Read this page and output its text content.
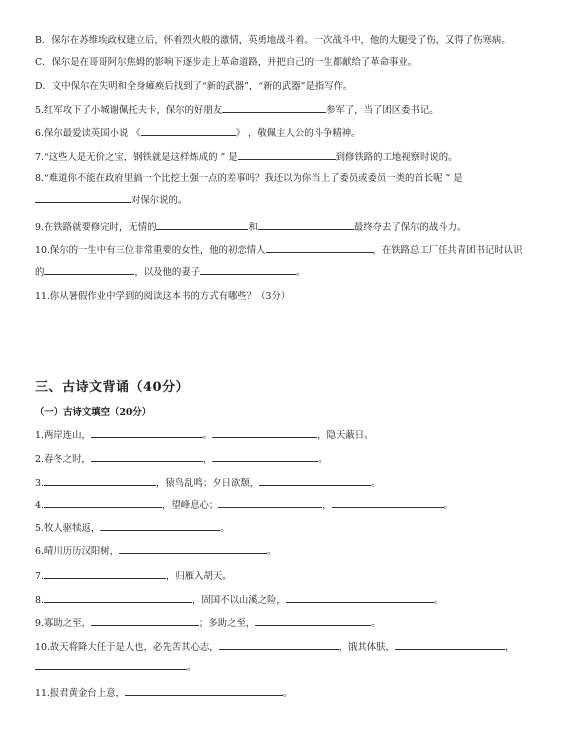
B．保尔在苏维埃政权建立后，怀着烈火般的激情，英勇地战斗着。一次战斗中，他的大腿受了伤，又得了伤寒病。
C．保尔是在哥哥阿尔焦姆的影响下逐步走上革命道路，并把自己的一生都献给了革命事业。
D．文中保尔在失明和全身瘫痪后找到了“新的武器”，“新的武器”是指写作。
5.红军攻下了小城谢佩托夫卡，保尔的好朋友	参军了，当了团区委书记。
6.保尔最爱读英国小说 《	》 ，敬佩主人公的斗争精神。
7.“这些人是无价之宝，钢铁就是这样炼成的 ” 是	到修铁路的工地视察时说的。
8.“难道你不能在政府里搞一个比挖土强一点的差事吗？我还以为你当上了委员或委员一类的首长呢 ” 是
对保尔说的。
9.在铁路就要修完时，无情的	和	最终夺去了保尔的战斗力。
10.保尔的一生中有三位非常重要的女性，他的初恋情人	，在铁路总工厂任共青团书记时认识
的	，以及他的妻子	。
11.你从暑假作业中学到的阅读这本书的方式有哪些？（3分）
三、古诗文背诵（40分）
（一）古诗文填空（20分）
1.两岸连山，	。	，隐天蔽日。
2.春冬之时，	，	。
3.	，猿鸟乱鸣；夕日欲颓，	。
4.	，望峰息心；	，	。
5.牧人驱犊返，	。
6.晴川历历汉阳树，	。
7.	，归雁入胡天。
8.	，固国不以山溪之险，	。
9.寡助之至，	；多助之至，	。
10.故天将降大任于是人也，必先苦其心志，	，饿其体肤，	，
。
11.报君黄金台上意，	。
